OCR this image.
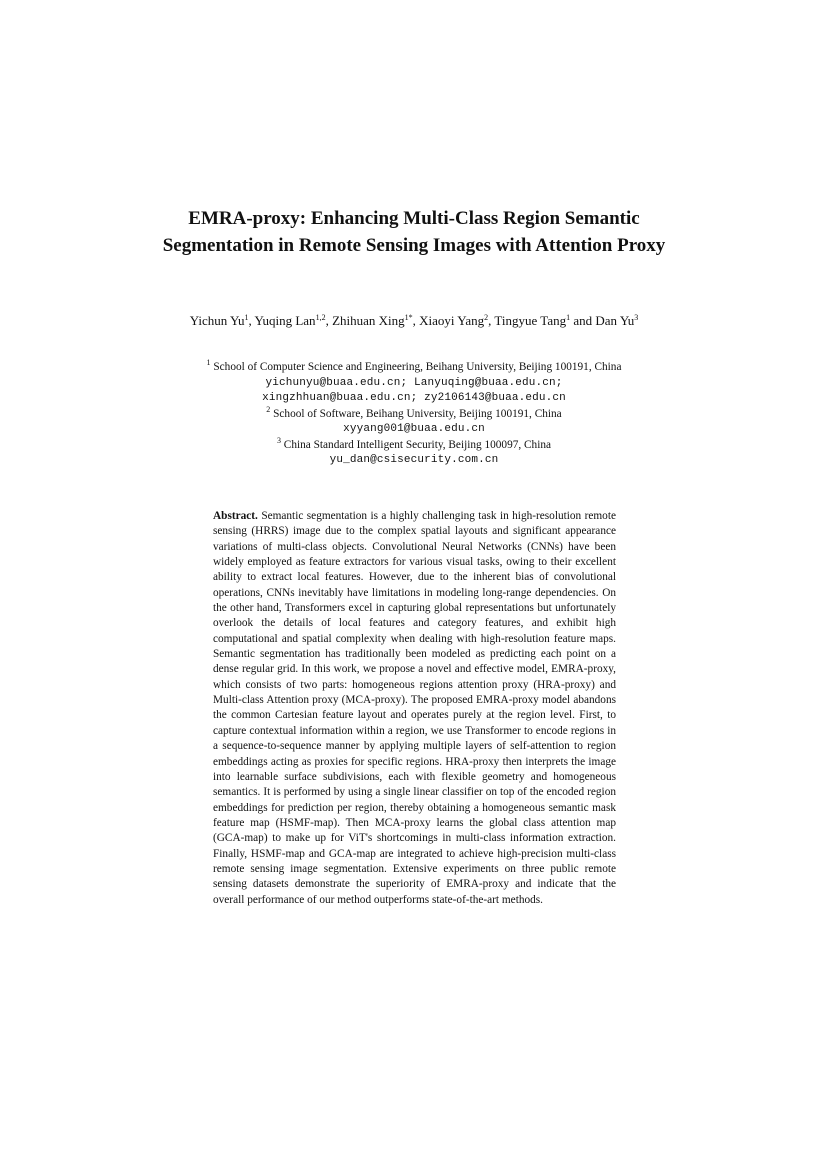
EMRA-proxy: Enhancing Multi-Class Region Semantic Segmentation in Remote Sensing Images with Attention Proxy
Yichun Yu$^1$, Yuqing Lan$^{1,2}$, Zhihuan Xing$^{1*}$, Xiaoyi Yang$^2$, Tingyue Tang$^1$ and Dan Yu$^3$
$^1$ School of Computer Science and Engineering, Beihang University, Beijing 100191, China
yichunyu@buaa.edu.cn; Lanyuqing@buaa.edu.cn;
xingzhhuan@buaa.edu.cn; zy2106143@buaa.edu.cn
$^2$ School of Software, Beihang University, Beijing 100191, China
xyyang001@buaa.edu.cn
$^3$ China Standard Intelligent Security, Beijing 100097, China
yu_dan@csisecurity.com.cn
Abstract. Semantic segmentation is a highly challenging task in high-resolution remote sensing (HRRS) image due to the complex spatial layouts and significant appearance variations of multi-class objects. Convolutional Neural Networks (CNNs) have been widely employed as feature extractors for various visual tasks, owing to their excellent ability to extract local features. However, due to the inherent bias of convolutional operations, CNNs inevitably have limitations in modeling long-range dependencies. On the other hand, Transformers excel in capturing global representations but unfortunately overlook the details of local features and category features, and exhibit high computational and spatial complexity when dealing with high-resolution feature maps. Semantic segmentation has traditionally been modeled as predicting each point on a dense regular grid. In this work, we propose a novel and effective model, EMRA-proxy, which consists of two parts: homogeneous regions attention proxy (HRA-proxy) and Multi-class Attention proxy (MCA-proxy). The proposed EMRA-proxy model abandons the common Cartesian feature layout and operates purely at the region level. First, to capture contextual information within a region, we use Transformer to encode regions in a sequence-to-sequence manner by applying multiple layers of self-attention to region embeddings acting as proxies for specific regions. HRA-proxy then interprets the image into learnable surface subdivisions, each with flexible geometry and homogeneous semantics. It is performed by using a single linear classifier on top of the encoded region embeddings for prediction per region, thereby obtaining a homogeneous semantic mask feature map (HSMF-map). Then MCA-proxy learns the global class attention map (GCA-map) to make up for ViT's shortcomings in multi-class information extraction. Finally, HSMF-map and GCA-map are integrated to achieve high-precision multi-class remote sensing image segmentation. Extensive experiments on three public remote sensing datasets demonstrate the superiority of EMRA-proxy and indicate that the overall performance of our method outperforms state-of-the-art methods.
